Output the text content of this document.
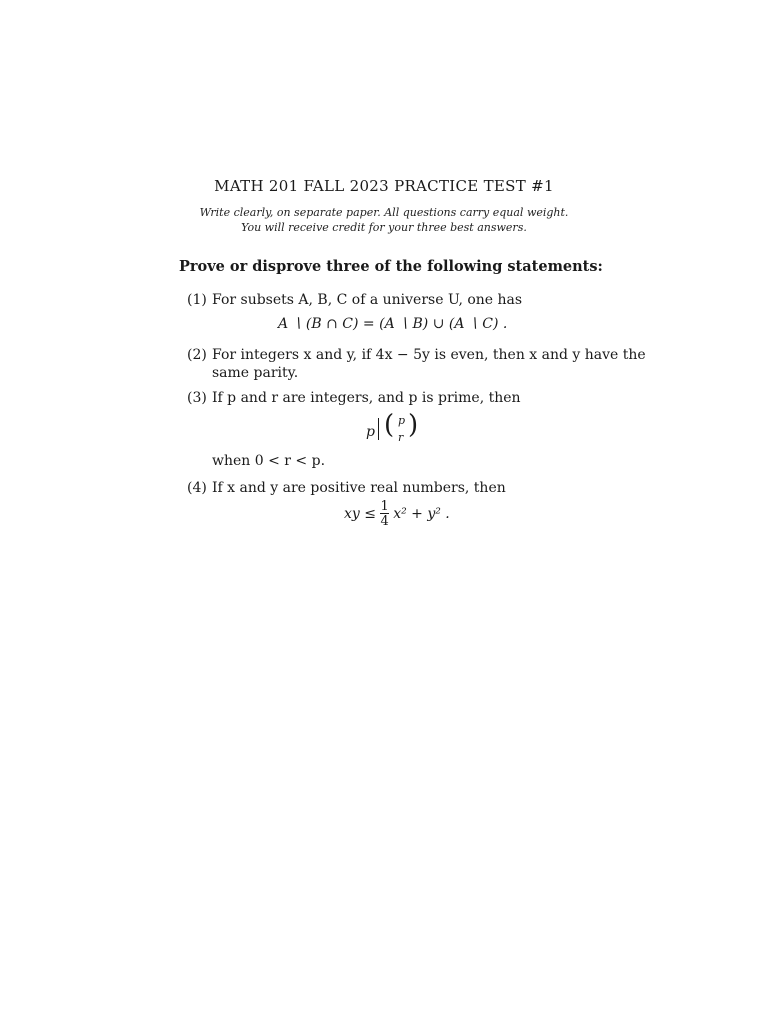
MATH 201 FALL 2023 PRACTICE TEST #1
Write clearly, on separate paper. All questions carry equal weight.
You will receive credit for your three best answers.
Prove or disprove three of the following statements:
(1) For subsets A, B, C of a universe U, one has
A ∖ (B ∩ C) = (A ∖ B) ∪ (A ∖ C) .
(2) For integers x and y, if 4x − 5y is even, then x and y have the
same parity.
(3) If p and r are integers, and p is prime, then
p ( p
r )
when 0 < r < p.
(4) If x and y are positive real numbers, then
xy ≤ $\frac{1}{4} x^2 + y^2$ .
